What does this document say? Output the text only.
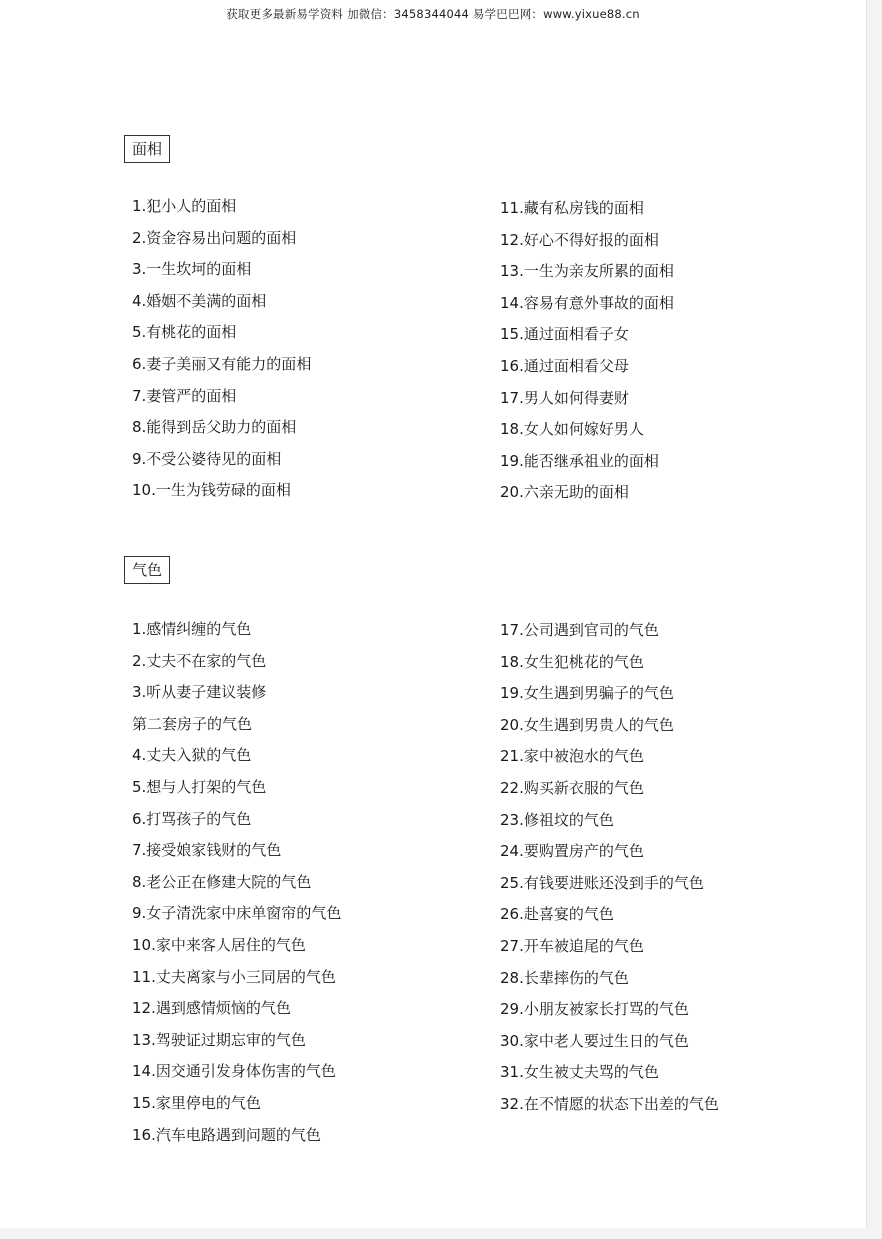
获取更多最新易学资料 加微信：3458344044 易学巴巴网：www.yixue88.cn
面相
1.犯小人的面相
2.资金容易出问题的面相
3.一生坎坷的面相
4.婚姻不美满的面相
5.有桃花的面相
6.妻子美丽又有能力的面相
7.妻管严的面相
8.能得到岳父助力的面相
9.不受公婆待见的面相
10.一生为钱劳碌的面相
11.藏有私房钱的面相
12.好心不得好报的面相
13.一生为亲友所累的面相
14.容易有意外事故的面相
15.通过面相看子女
16.通过面相看父母
17.男人如何得妻财
18.女人如何嫁好男人
19.能否继承祖业的面相
20.六亲无助的面相
气色
1.感情纠缠的气色
2.丈夫不在家的气色
3.听从妻子建议装修
第二套房子的气色
4.丈夫入狱的气色
5.想与人打架的气色
6.打骂孩子的气色
7.接受娘家钱财的气色
8.老公正在修建大院的气色
9.女子清洗家中床单窗帘的气色
10.家中来客人居住的气色
11.丈夫离家与小三同居的气色
12.遇到感情烦恼的气色
13.驾驶证过期忘审的气色
14.因交通引发身体伤害的气色
15.家里停电的气色
16.汽车电路遇到问题的气色
17.公司遇到官司的气色
18.女生犯桃花的气色
19.女生遇到男骗子的气色
20.女生遇到男贵人的气色
21.家中被泡水的气色
22.购买新衣服的气色
23.修祖坟的气色
24.要购置房产的气色
25.有钱要进账还没到手的气色
26.赴喜宴的气色
27.开车被追尾的气色
28.长辈摔伤的气色
29.小朋友被家长打骂的气色
30.家中老人要过生日的气色
31.女生被丈夫骂的气色
32.在不情愿的状态下出差的气色
